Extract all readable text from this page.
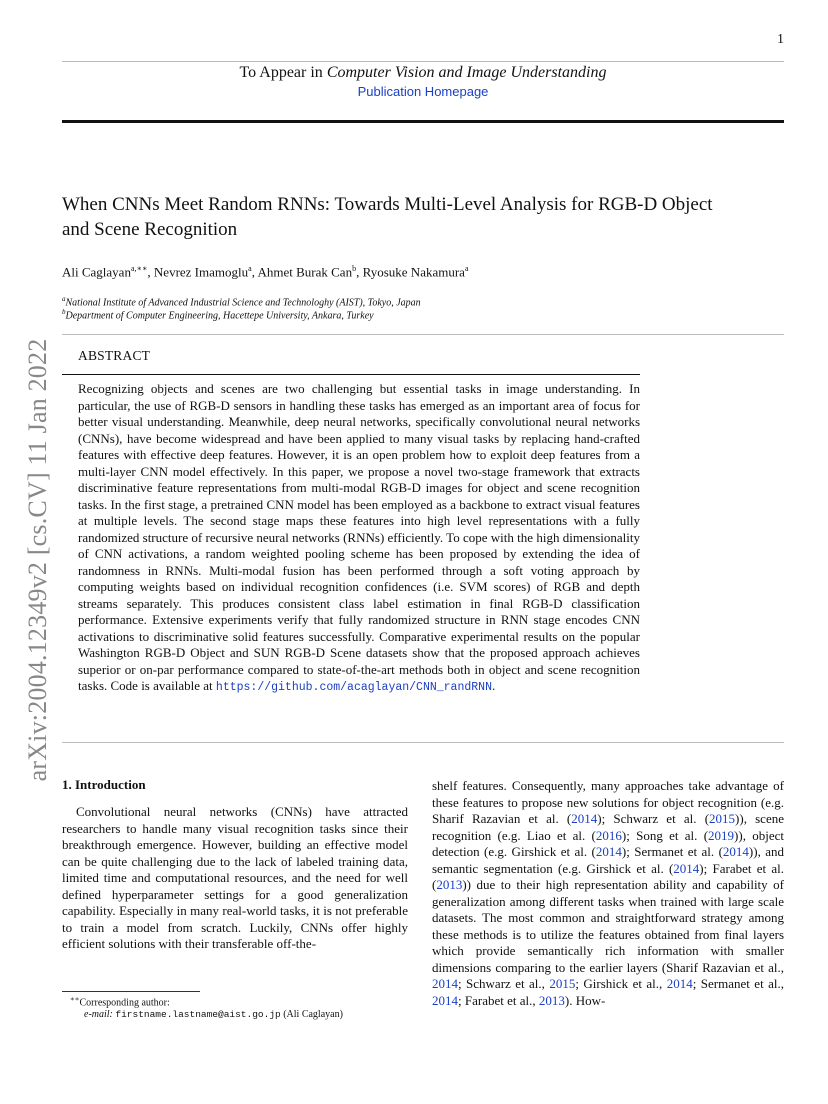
1
To Appear in Computer Vision and Image Understanding
Publication Homepage
When CNNs Meet Random RNNs: Towards Multi-Level Analysis for RGB-D Object and Scene Recognition
Ali Caglayan$^{a,∗∗}$, Nevrez Imamoglu$^a$, Ahmet Burak Can$^b$, Ryosuke Nakamura$^a$
$^a$National Institute of Advanced Industrial Science and Technologhy (AIST), Tokyo, Japan
$^b$Department of Computer Engineering, Hacettepe University, Ankara, Turkey
ABSTRACT
Recognizing objects and scenes are two challenging but essential tasks in image understanding. In particular, the use of RGB-D sensors in handling these tasks has emerged as an important area of focus for better visual understanding. Meanwhile, deep neural networks, specifically convolutional neural networks (CNNs), have become widespread and have been applied to many visual tasks by replacing hand-crafted features with effective deep features. However, it is an open problem how to exploit deep features from a multi-layer CNN model effectively. In this paper, we propose a novel two-stage framework that extracts discriminative feature representations from multi-modal RGB-D images for object and scene recognition tasks. In the first stage, a pretrained CNN model has been employed as a backbone to extract visual features at multiple levels. The second stage maps these features into high level representations with a fully randomized structure of recursive neural networks (RNNs) efficiently. To cope with the high dimensionality of CNN activations, a random weighted pooling scheme has been proposed by extending the idea of randomness in RNNs. Multi-modal fusion has been performed through a soft voting approach by computing weights based on individual recognition confidences (i.e. SVM scores) of RGB and depth streams separately. This produces consistent class label estimation in final RGB-D classification performance. Extensive experiments verify that fully randomized structure in RNN stage encodes CNN activations to discriminative solid features successfully. Comparative experimental results on the popular Washington RGB-D Object and SUN RGB-D Scene datasets show that the proposed approach achieves superior or on-par performance compared to state-of-the-art methods both in object and scene recognition tasks. Code is available at https://github.com/acaglayan/CNN_randRNN.
arXiv:2004.12349v2 [cs.CV] 11 Jan 2022
1. Introduction
Convolutional neural networks (CNNs) have attracted researchers to handle many visual recognition tasks since their breakthrough emergence. However, building an effective model can be quite challenging due to the lack of labeled training data, limited time and computational resources, and the need for well defined hyperparameter settings for a good generalization capability. Especially in many real-world tasks, it is not preferable to train a model from scratch. Luckily, CNNs offer highly efficient solutions with their transferable off-the-
shelf features. Consequently, many approaches take advantage of these features to propose new solutions for object recognition (e.g. Sharif Razavian et al. (2014); Schwarz et al. (2015)), scene recognition (e.g. Liao et al. (2016); Song et al. (2019)), object detection (e.g. Girshick et al. (2014); Sermanet et al. (2014)), and semantic segmentation (e.g. Girshick et al. (2014); Farabet et al. (2013)) due to their high representation ability and capability of generalization among different tasks when trained with large scale datasets. The most common and straightforward strategy among these methods is to utilize the features obtained from final layers which provide semantically rich information with smaller dimensions comparing to the earlier layers (Sharif Razavian et al., 2014; Schwarz et al., 2015; Girshick et al., 2014; Sermanet et al., 2014; Farabet et al., 2013). How-
∗∗Corresponding author:
e-mail: firstname.lastname@aist.go.jp (Ali Caglayan)
